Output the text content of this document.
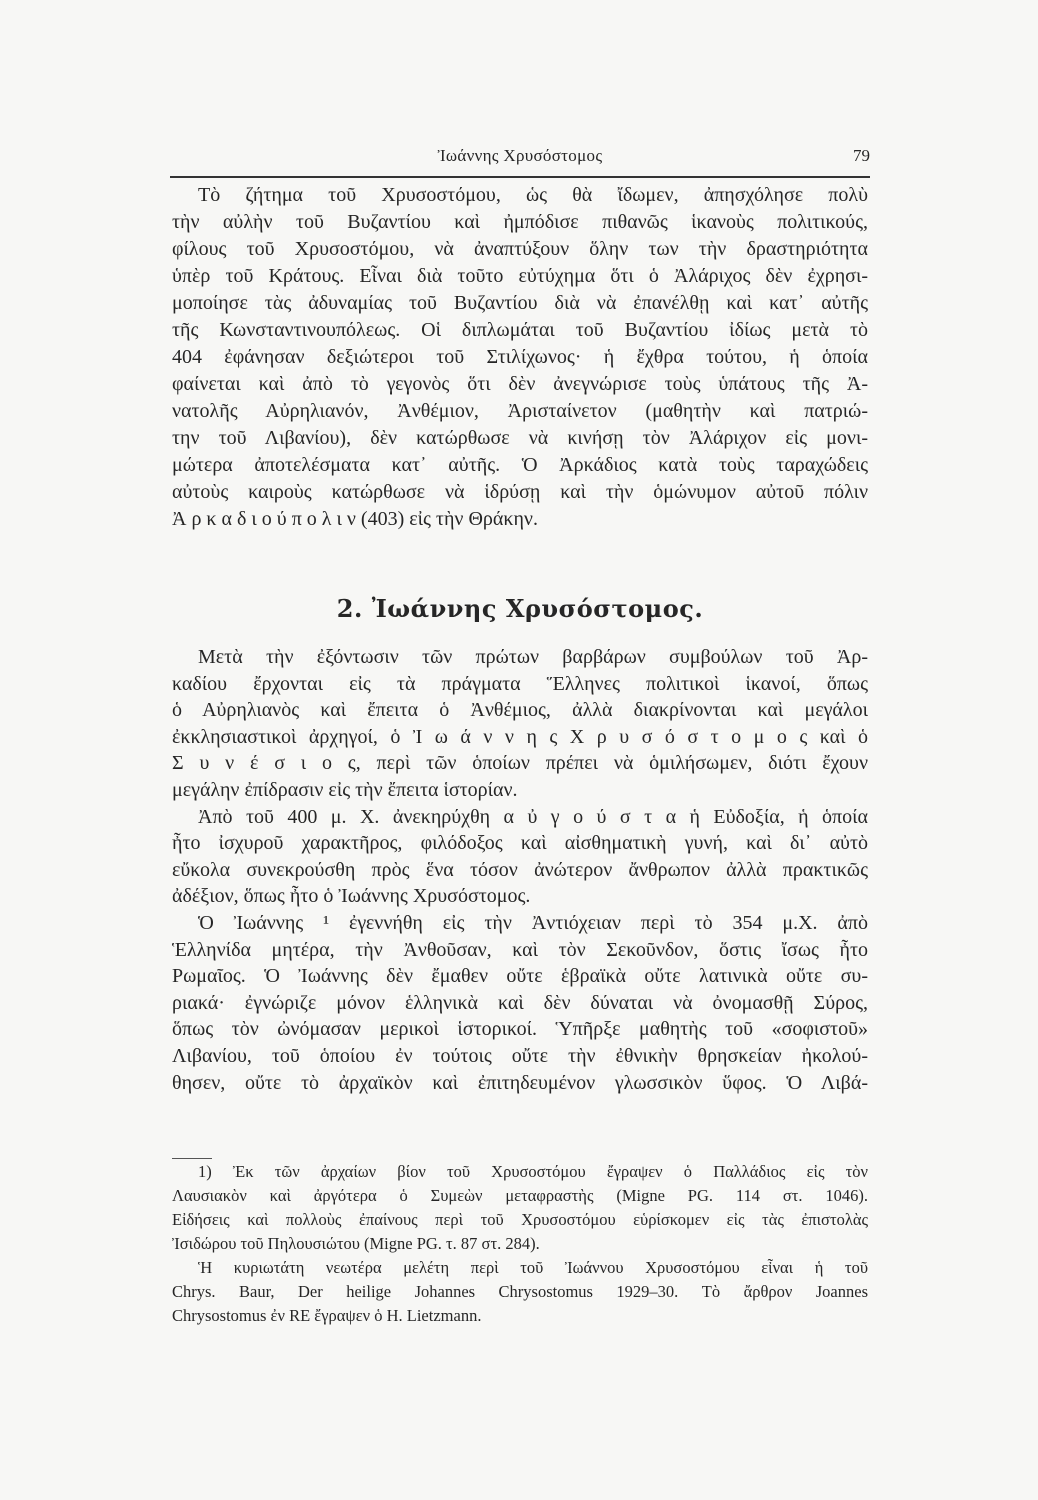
Ἰωάννης Χρυσόστομος	79
Τὸ ζήτημα τοῦ Χρυσοστόμου, ὡς θὰ ἴδωμεν, ἀπησχόλησε πολὺ
τὴν αὐλὴν τοῦ Βυζαντίου καὶ ἠμπόδισε πιθανῶς ἱκανοὺς πολιτικούς,
φίλους τοῦ Χρυσοστόμου, νὰ ἀναπτύξουν ὅλην των τὴν δραστηριότητα
ὑπὲρ τοῦ Κράτους. Εἶναι διὰ τοῦτο εὐτύχημα ὅτι ὁ Ἀλάριχος δὲν ἐχρησι-
μοποίησε τὰς ἀδυναμίας τοῦ Βυζαντίου διὰ νὰ ἐπανέλθῃ καὶ κατ᾽ αὐτῆς
τῆς Κωνσταντινουπόλεως. Οἱ διπλωμάται τοῦ Βυζαντίου ἰδίως μετὰ τὸ
404 ἐφάνησαν δεξιώτεροι τοῦ Στιλίχωνος· ἡ ἔχθρα τούτου, ἡ ὁποία
φαίνεται καὶ ἀπὸ τὸ γεγονὸς ὅτι δὲν ἀνεγνώρισε τοὺς ὑπάτους τῆς Ἀ-
νατολῆς Αὐρηλιανόν, Ἀνθέμιον, Ἀρισταίνετον (μαθητὴν καὶ πατριώ-
την τοῦ Λιβανίου), δὲν κατώρθωσε νὰ κινήσῃ τὸν Ἀλάριχον εἰς μονι-
μώτερα ἀποτελέσματα κατ᾽ αὐτῆς. Ὁ Ἀρκάδιος κατὰ τοὺς ταραχώδεις
αὐτοὺς καιροὺς κατώρθωσε νὰ ἱδρύσῃ καὶ τὴν ὁμώνυμον αὐτοῦ πόλιν
Ἀ ρ κ α δ ι ο ύ π ο λ ι ν (403) εἰς τὴν Θράκην.
2. Ἰωάννης Χρυσόστομος.
Μετὰ τὴν ἐξόντωσιν τῶν πρώτων βαρβάρων συμβούλων τοῦ Ἀρ-
καδίου ἔρχονται εἰς τὰ πράγματα Ἕλληνες πολιτικοὶ ἱκανοί, ὅπως
ὁ Αὐρηλιανὸς καὶ ἔπειτα ὁ Ἀνθέμιος, ἀλλὰ διακρίνονται καὶ μεγάλοι
ἐκκλησιαστικοὶ ἀρχηγοί, ὁ Ἰ ω ά ν ν η ς Χ ρ υ σ ό σ τ ο μ ο ς καὶ ὁ
Σ υ ν έ σ ι ο ς, περὶ τῶν ὁποίων πρέπει νὰ ὁμιλήσωμεν, διότι ἔχουν
μεγάλην ἐπίδρασιν εἰς τὴν ἔπειτα ἱστορίαν.
Ἀπὸ τοῦ 400 μ. Χ. ἀνεκηρύχθη α ὐ γ ο ύ σ τ α ἡ Εὐδοξία, ἡ ὁποία
ἦτο ἰσχυροῦ χαρακτῆρος, φιλόδοξος καὶ αἰσθηματικὴ γυνή, καὶ δι᾽ αὐτὸ
εὔκολα συνεκρούσθη πρὸς ἕνα τόσον ἀνώτερον ἄνθρωπον ἀλλὰ πρακτικῶς
ἀδέξιον, ὅπως ἦτο ὁ Ἰωάννης Χρυσόστομος.
Ὁ Ἰωάννης ¹ ἐγεννήθη εἰς τὴν Ἀντιόχειαν περὶ τὸ 354 μ.Χ. ἀπὸ
Ἑλληνίδα μητέρα, τὴν Ἀνθοῦσαν, καὶ τὸν Σεκοῦνδον, ὅστις ἴσως ἦτο
Ρωμαῖος. Ὁ Ἰωάννης δὲν ἔμαθεν οὔτε ἑβραϊκὰ οὔτε λατινικὰ οὔτε συ-
ριακά· ἐγνώριζε μόνον ἑλληνικὰ καὶ δὲν δύναται νὰ ὀνομασθῇ Σύρος,
ὅπως τὸν ὠνόμασαν μερικοὶ ἱστορικοί. Ὑπῆρξε μαθητὴς τοῦ «σοφιστοῦ»
Λιβανίου, τοῦ ὁποίου ἐν τούτοις οὔτε τὴν ἐθνικὴν θρησκείαν ἠκολού-
θησεν, οὔτε τὸ ἀρχαϊκὸν καὶ ἐπιτηδευμένον γλωσσικὸν ὕφος. Ὁ Λιβά-
1) Ἐκ τῶν ἀρχαίων βίον τοῦ Χρυσοστόμου ἔγραψεν ὁ Παλλάδιος εἰς τὸν
Λαυσιακὸν καὶ ἀργότερα ὁ Συμεὼν μεταφραστὴς (Migne PG. 114 στ. 1046).
Εἰδήσεις καὶ πολλοὺς ἐπαίνους περὶ τοῦ Χρυσοστόμου εὑρίσκομεν εἰς τὰς ἐπιστολὰς
Ἰσιδώρου τοῦ Πηλουσιώτου (Migne PG. τ. 87 στ. 284).
Ἡ κυριωτάτη νεωτέρα μελέτη περὶ τοῦ Ἰωάννου Χρυσοστόμου εἶναι ἡ τοῦ
Chrys. Baur, Der heilige Johannes Chrysostomus 1929–30. Τὸ ἄρθρον Joannes
Chrysostomus ἐν RE ἔγραψεν ὁ H. Lietzmann.
